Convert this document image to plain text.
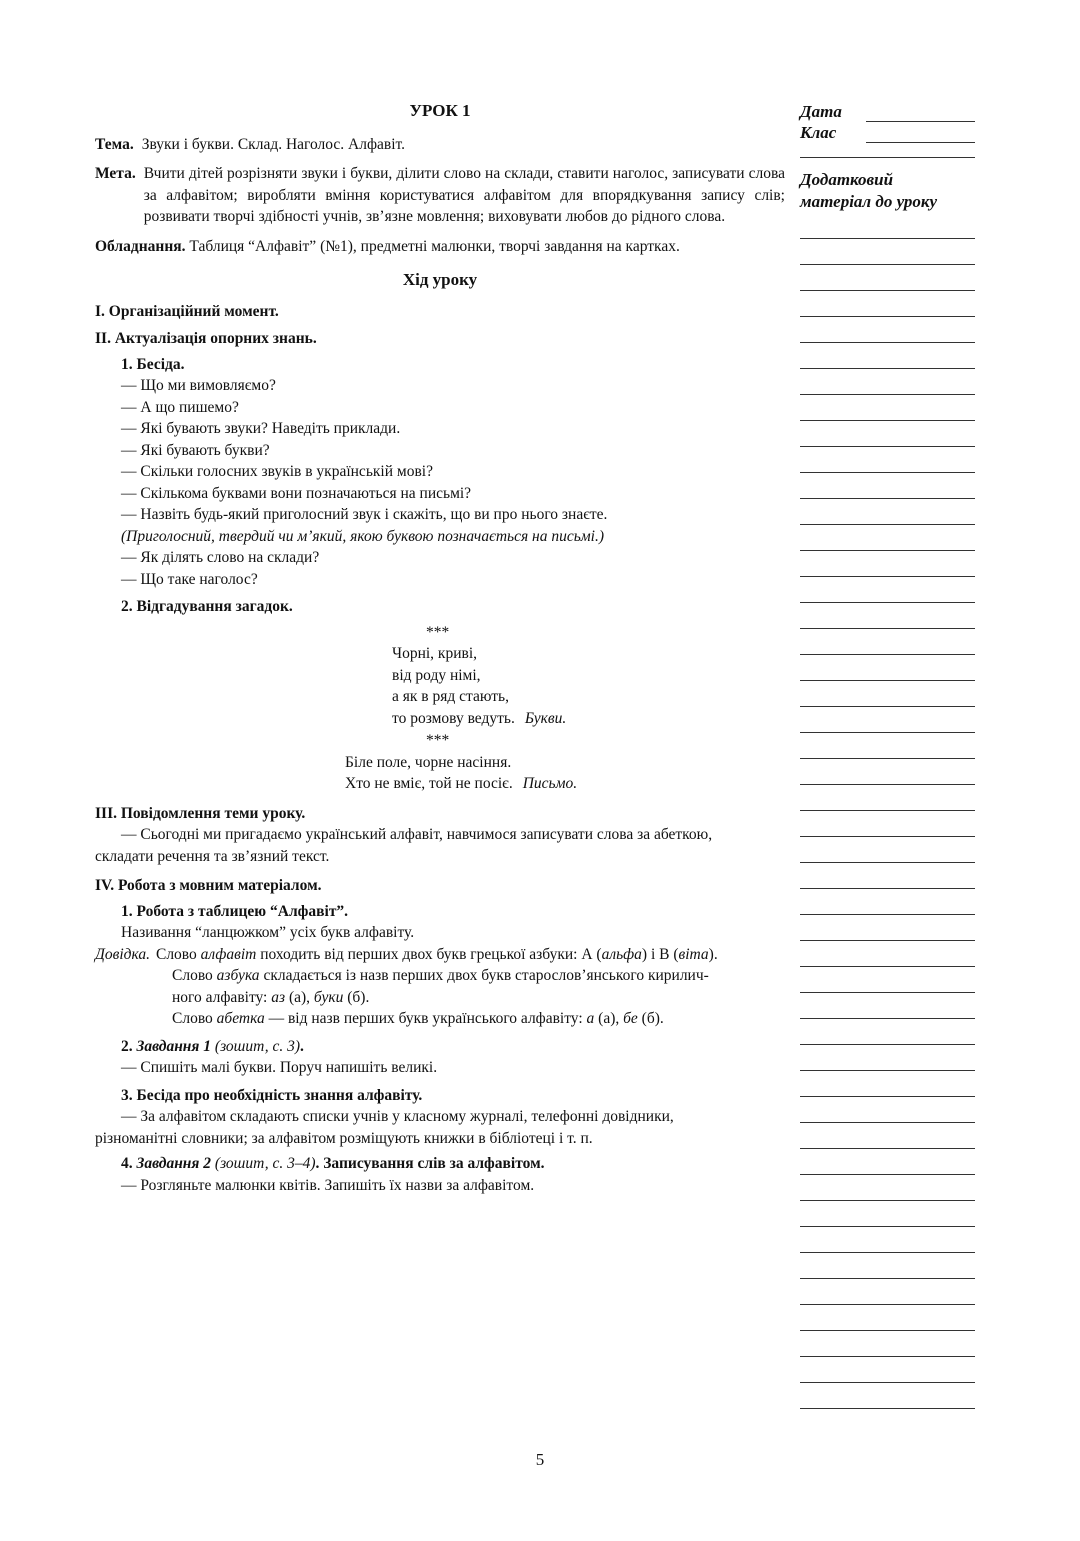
УРОК 1
Тема. Звуки і букви. Склад. Наголос. Алфавіт.
Мета. Вчити дітей розрізняти звуки і букви, ділити слово на склади, ставити наголос, записувати слова за алфавітом; виробляти вміння користуватися алфавітом для впорядкування запису слів; розвивати творчі здібності учнів, зв’язне мовлення; виховувати любов до рідного слова.
Обладнання. Таблиця “Алфавіт” (№1), предметні малюнки, творчі завдання на картках.
Хід уроку
I. Організаційний момент.
II. Актуалізація опорних знань.
1. Бесіда.
— Що ми вимовляємо?
— А що пишемо?
— Які бувають звуки? Наведіть приклади.
— Які бувають букви?
— Скільки голосних звуків в українській мові?
— Скількома буквами вони позначаються на письмі?
— Назвіть будь-який приголосний звук і скажіть, що ви про нього знаєте.
(Приголосний, твердий чи м’який, якою буквою позначається на письмі.)
— Як ділять слово на склади?
— Що таке наголос?
2. Відгадування загадок.
***
Чорні, криві,
від роду німі,
а як в ряд стають,
то розмову ведуть. Букви.
***
Біле поле, чорне насіння.
Хто не вміє, той не посіє. Письмо.
III. Повідомлення теми уроку.
— Сьогодні ми пригадаємо український алфавіт, навчимося записувати слова за абеткою,
складати речення та зв’язний текст.
IV. Робота з мовним матеріалом.
1. Робота з таблицею “Алфавіт”.
Називання “ланцюжком” усіх букв алфавіту.
Довідка. Слово алфавіт походить від перших двох букв грецької азбуки: А (альфа) і В (віта).
Слово азбука складається із назв перших двох букв старослов’янського кирилич-
ного алфавіту: аз (а), буки (б).
Слово абетка — від назв перших букв українського алфавіту: а (а), бе (б).
2. Завдання 1 (зошит, с. 3).
— Спишіть малі букви. Поруч напишіть великі.
3. Бесіда про необхідність знання алфавіту.
— За алфавітом складають списки учнів у класному журналі, телефонні довідники,
різноманітні словники; за алфавітом розміщують книжки в бібліотеці і т. п.
4. Завдання 2 (зошит, с. 3–4). Записування слів за алфавітом.
— Розгляньте малюнки квітів. Запишіть їх назви за алфавітом.
Дата
Клас
Додатковий
матеріал до уроку
5
